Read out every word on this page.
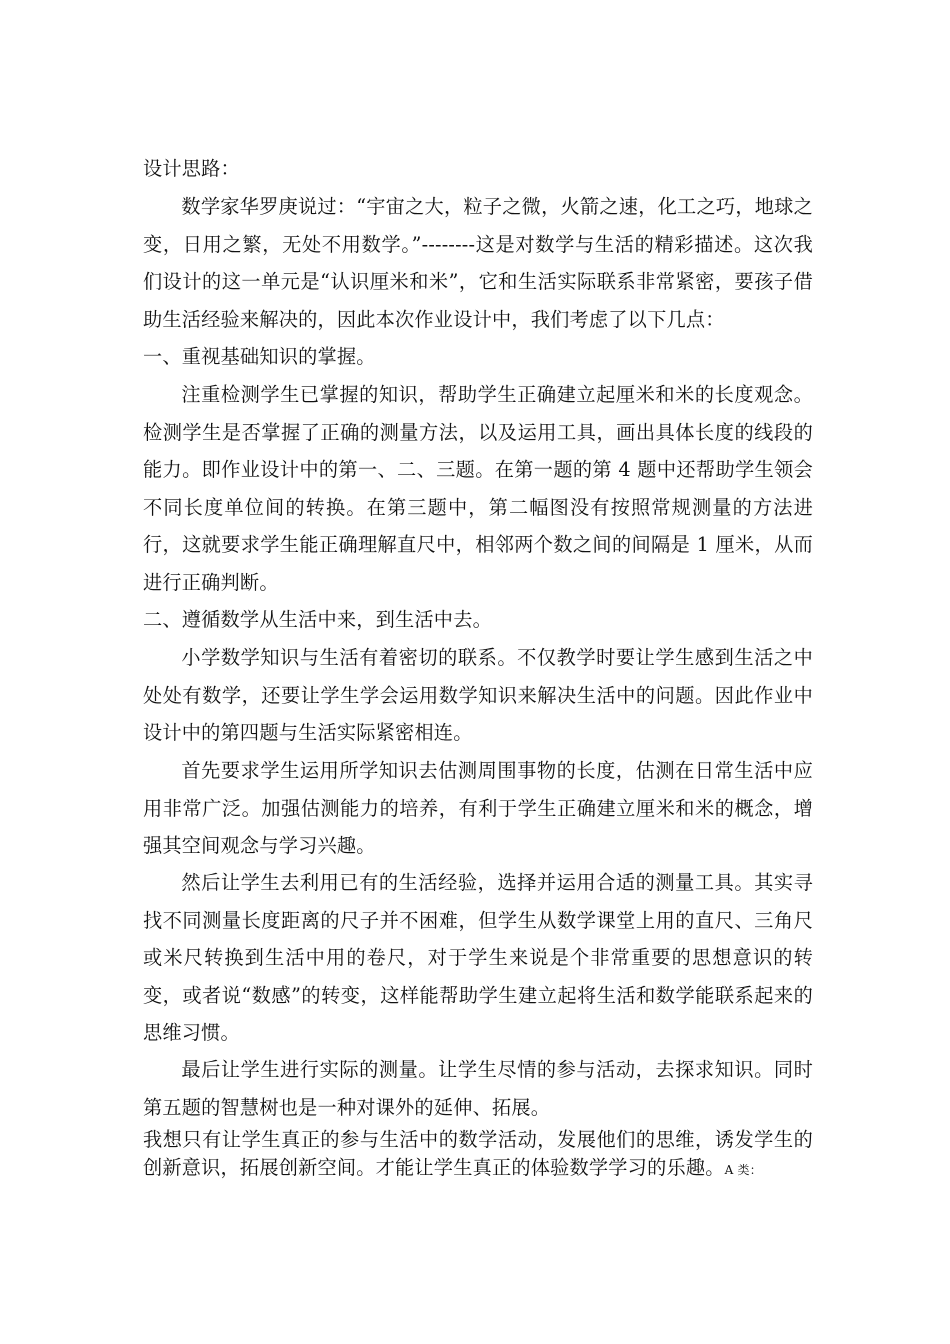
设计思路：

数学家华罗庚说过：“宇宙之大，粒子之微，火箭之速，化工之巧，地球之变，日用之繁，无处不用数学。”--------这是对数学与生活的精彩描述。这次我们设计的这一单元是“认识厘米和米”，它和生活实际联系非常紧密，要孩子借助生活经验来解决的，因此本次作业设计中，我们考虑了以下几点：

一、重视基础知识的掌握。

注重检测学生已掌握的知识，帮助学生正确建立起厘米和米的长度观念。检测学生是否掌握了正确的测量方法，以及运用工具，画出具体长度的线段的能力。即作业设计中的第一、二、三题。在第一题的第 4 题中还帮助学生领会不同长度单位间的转换。在第三题中，第二幅图没有按照常规测量的方法进行，这就要求学生能正确理解直尺中，相邻两个数之间的间隔是 1 厘米，从而进行正确判断。

二、遵循数学从生活中来，到生活中去。

小学数学知识与生活有着密切的联系。不仅教学时要让学生感到生活之中处处有数学，还要让学生学会运用数学知识来解决生活中的问题。因此作业中设计中的第四题与生活实际紧密相连。

首先要求学生运用所学知识去估测周围事物的长度，估测在日常生活中应用非常广泛。加强估测能力的培养，有利于学生正确建立厘米和米的概念，增强其空间观念与学习兴趣。

然后让学生去利用已有的生活经验，选择并运用合适的测量工具。其实寻找不同测量长度距离的尺子并不困难，但学生从数学课堂上用的直尺、三角尺或米尺转换到生活中用的卷尺，对于学生来说是个非常重要的思想意识的转变，或者说“数感”的转变，这样能帮助学生建立起将生活和数学能联系起来的思维习惯。

最后让学生进行实际的测量。让学生尽情的参与活动，去探求知识。同时第五题的智慧树也是一种对课外的延伸、拓展。

我想只有让学生真正的参与生活中的数学活动，发展他们的思维，诱发学生的创新意识，拓展创新空间。才能让学生真正的体验数学学习的乐趣。A 类：
